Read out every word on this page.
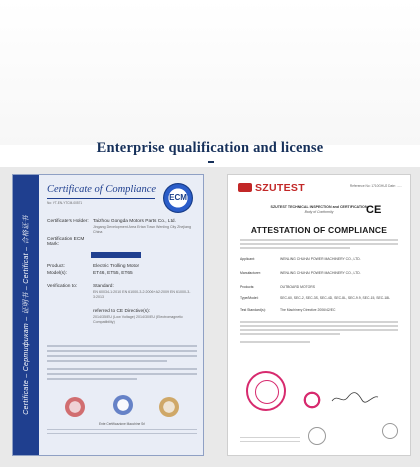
Enterprise qualification and license
Certificate – Сертификат – 证明书 – Certificat – 合格证书
Certificate of Compliance
No: YT-EN-YTCM-00571
ECM
Certificate's Holder: Taizhou Gongda Motors Parts Co., Ltd.
Jingang Development Area Ertan Town Wenling City Zhejiang China
Certification ECM Mark:
Product:	Electric Trolling Motor
Model(s):	ET46, ET55, ET65
Verification to:	Standard:
EN 60034-1:2010 EN 61000-3-2:2006+A2:2009 EN 61000-3-3:2013
referred to CE Directive(s):
2014/35/EU (Low Voltage) 2014/30/EU (Electromagnetic Compatibility)
Ente Certificazione Macchine Srl
SZUTEST	Reference No: 1710GHU2 Date: ......
SZUTEST TECHNICAL INSPECTION and CERTIFICATION
Body of Conformity	CE
ATTESTATION OF COMPLIANCE
Applicant:	WENLING CHUHAI POWER MACHINERY CO., LTD.
Manufacturer:	WENLING CHUHAI POWER MACHINERY CO., LTD.
Products:	OUTBOARD MOTORS
Type/Model:	SEC-60, SEC-2, SEC-3S, SEC-4D, SEC-8L, SEC-9.9, SEC-15, SEC-18L
Test Standard(s):	The Machinery Directive 2006/42/EC
